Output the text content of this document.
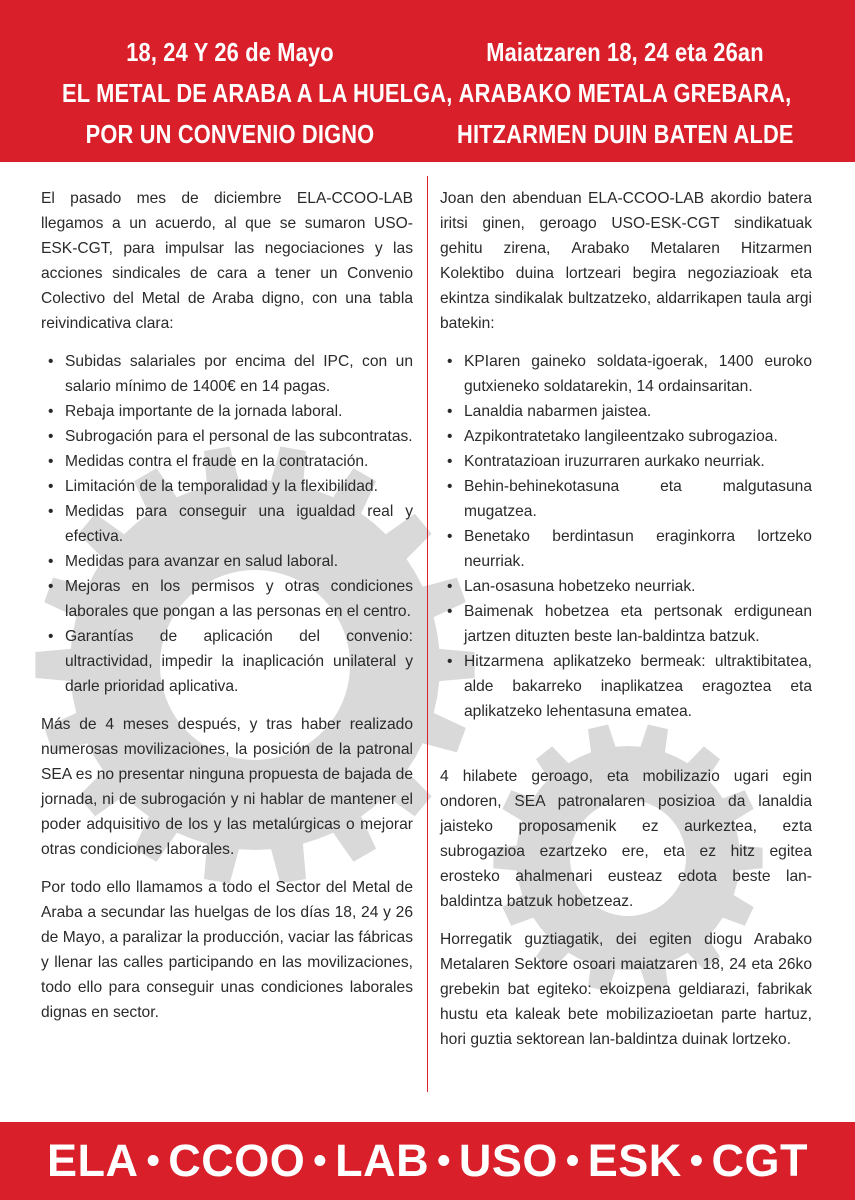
18, 24 Y 26 de Mayo
EL METAL DE ARABA A LA HUELGA,
POR UN CONVENIO DIGNO
Maiatzaren 18, 24 eta 26an
ARABAKO METALA GREBARA,
HITZARMEN DUIN BATEN ALDE

El pasado mes de diciembre ELA-CCOO-LAB llegamos a un acuerdo, al que se sumaron USO-ESK-CGT, para impulsar las negociaciones y las acciones sindicales de cara a tener un Convenio Colectivo del Metal de Araba digno, con una tabla reivindicativa clara:

• Subidas salariales por encima del IPC, con un salario mínimo de 1400€ en 14 pagas.
• Rebaja importante de la jornada laboral.
• Subrogación para el personal de las subcontratas.
• Medidas contra el fraude en la contratación.
• Limitación de la temporalidad y la flexibilidad.
• Medidas para conseguir una igualdad real y efectiva.
• Medidas para avanzar en salud laboral.
• Mejoras en los permisos y otras condiciones laborales que pongan a las personas en el centro.
• Garantías de aplicación del convenio: ultractividad, impedir la inaplicación unilateral y darle prioridad aplicativa.

Más de 4 meses después, y tras haber realizado numerosas movilizaciones, la posición de la patronal SEA es no presentar ninguna propuesta de bajada de jornada, ni de subrogación y ni hablar de mantener el poder adquisitivo de los y las metalúrgicas o mejorar otras condiciones laborales.

Por todo ello llamamos a todo el Sector del Metal de Araba a secundar las huelgas de los días 18, 24 y 26 de Mayo, a paralizar la producción, vaciar las fábricas y llenar las calles participando en las movilizaciones, todo ello para conseguir unas condiciones laborales dignas en sector.

Joan den abenduan ELA-CCOO-LAB akordio batera iritsi ginen, geroago USO-ESK-CGT sindikatuak gehitu zirenа, Arabako Metalaren Hitzarmen Kolektibo duina lortzeari begira negoziazioak eta ekintza sindikalak bultzatzeko, aldarrikapen taula argi batekin:

• KPIaren gaineko soldata-igoerak, 1400 euroko gutxieneko soldatarekin, 14 ordainsaritan.
• Lanaldia nabarmen jaistea.
• Azpikontratetako langileentzako subrogazioa.
• Kontratazioan iruzurraren aurkako neurriak.
• Behin-behinekotasuna eta malgutasuna mugatzea.
• Benetako berdintasun eraginkorra lortzeko neurriak.
• Lan-osasuna hobetzeko neurriak.
• Baimenak hobetzea eta pertsonak erdigunean jartzen dituzten beste lan-baldintza batzuk.
• Hitzarmena aplikatzeko bermeak: ultraktibitatea, alde bakarreko inaplikatzea eragoztea eta aplikatzeko lehentasuna ematea.

4 hilabete geroago, eta mobilizazio ugari egin ondoren, SEA patronalaren posizioa da lanaldia jaisteko proposamenik ez aurkeztea, ezta subrogazioa ezartzeko ere, eta ez hitz egitea erosteko ahalmenari eusteaz edota beste lan-baldintza batzuk hobetzeaz.

Horregatik guztiagatik, dei egiten diogu Arabako Metalaren Sektore osoari maiatzaren 18, 24 eta 26ko grebekin bat egiteko: ekoizpena geldiarazi, fabrikak hustu eta kaleak bete mobilizazioetan parte hartuz, hori guztia sektorean lan-baldintza duinak lortzeko.

ELA • CCOO • LAB • USO • ESK • CGT
